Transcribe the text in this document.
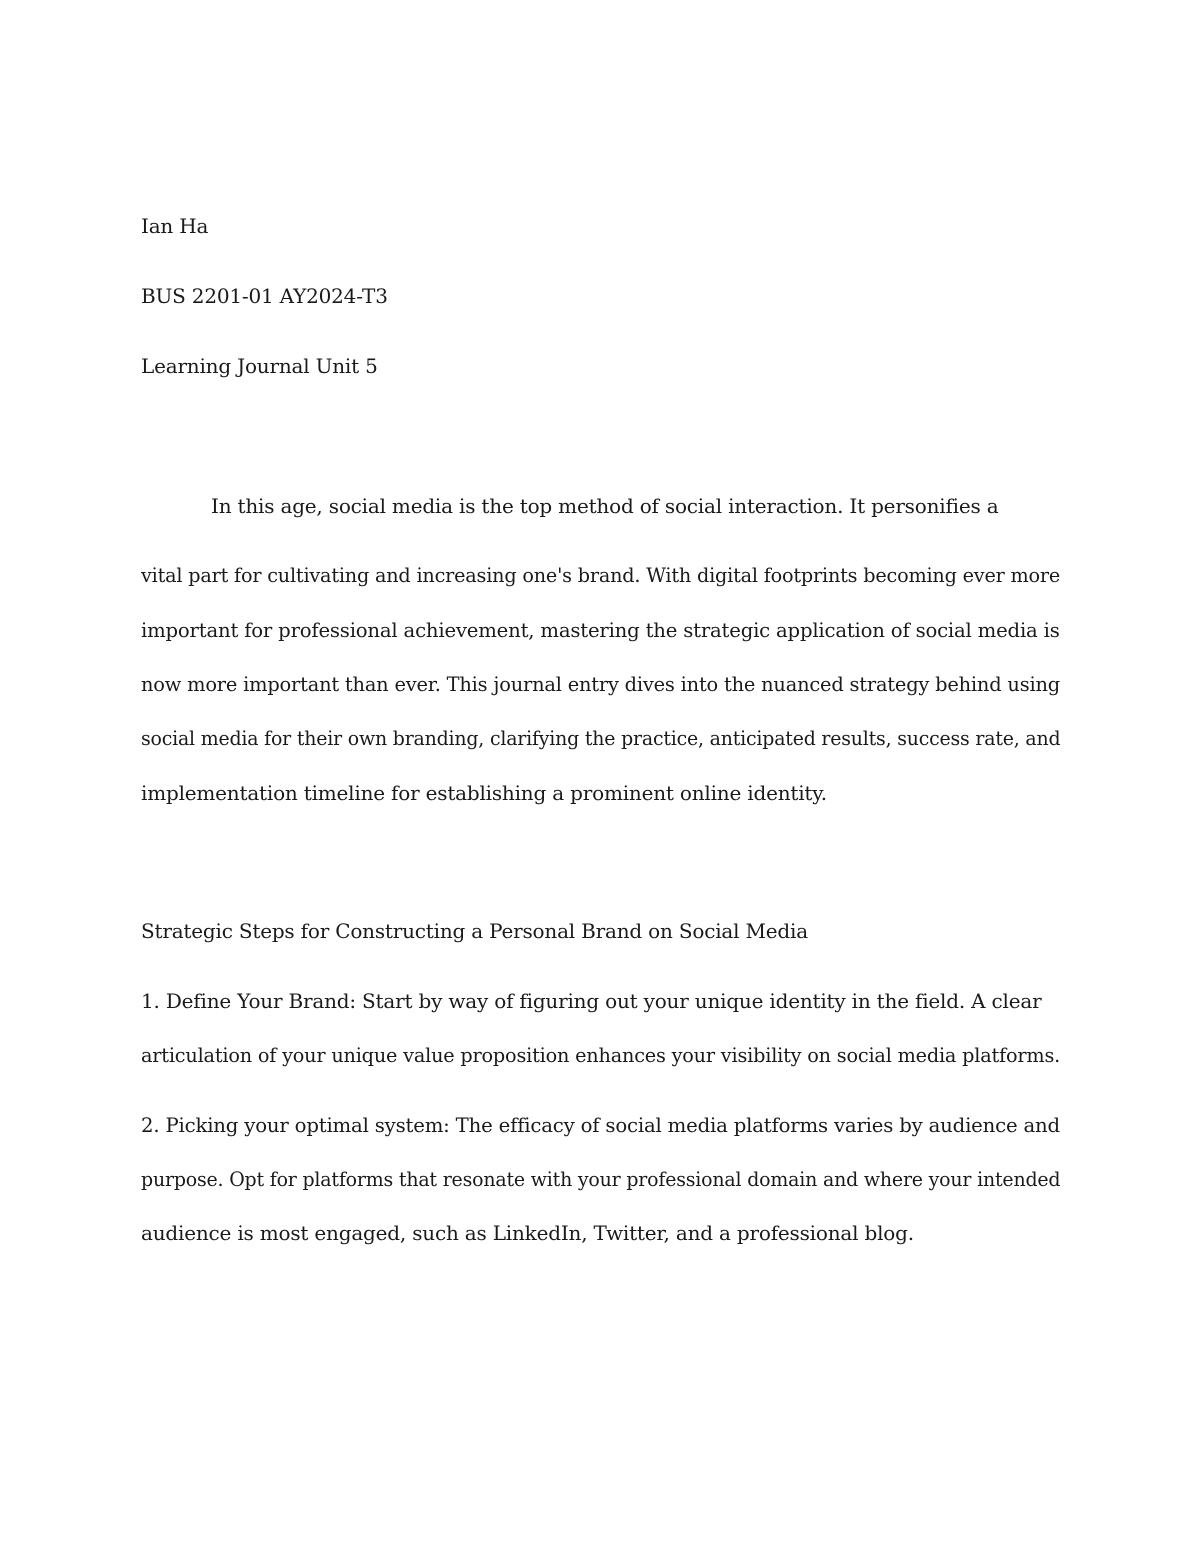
Ian Ha
BUS 2201-01 AY2024-T3
Learning Journal Unit 5
In this age, social media is the top method of social interaction. It personifies a
vital part for cultivating and increasing one's brand. With digital footprints becoming ever more
important for professional achievement, mastering the strategic application of social media is
now more important than ever. This journal entry dives into the nuanced strategy behind using
social media for their own branding, clarifying the practice, anticipated results, success rate, and
implementation timeline for establishing a prominent online identity.
Strategic Steps for Constructing a Personal Brand on Social Media
1. Define Your Brand: Start by way of figuring out your unique identity in the field. A clear
articulation of your unique value proposition enhances your visibility on social media platforms.
2. Picking your optimal system: The efficacy of social media platforms varies by audience and
purpose. Opt for platforms that resonate with your professional domain and where your intended
audience is most engaged, such as LinkedIn, Twitter, and a professional blog.
